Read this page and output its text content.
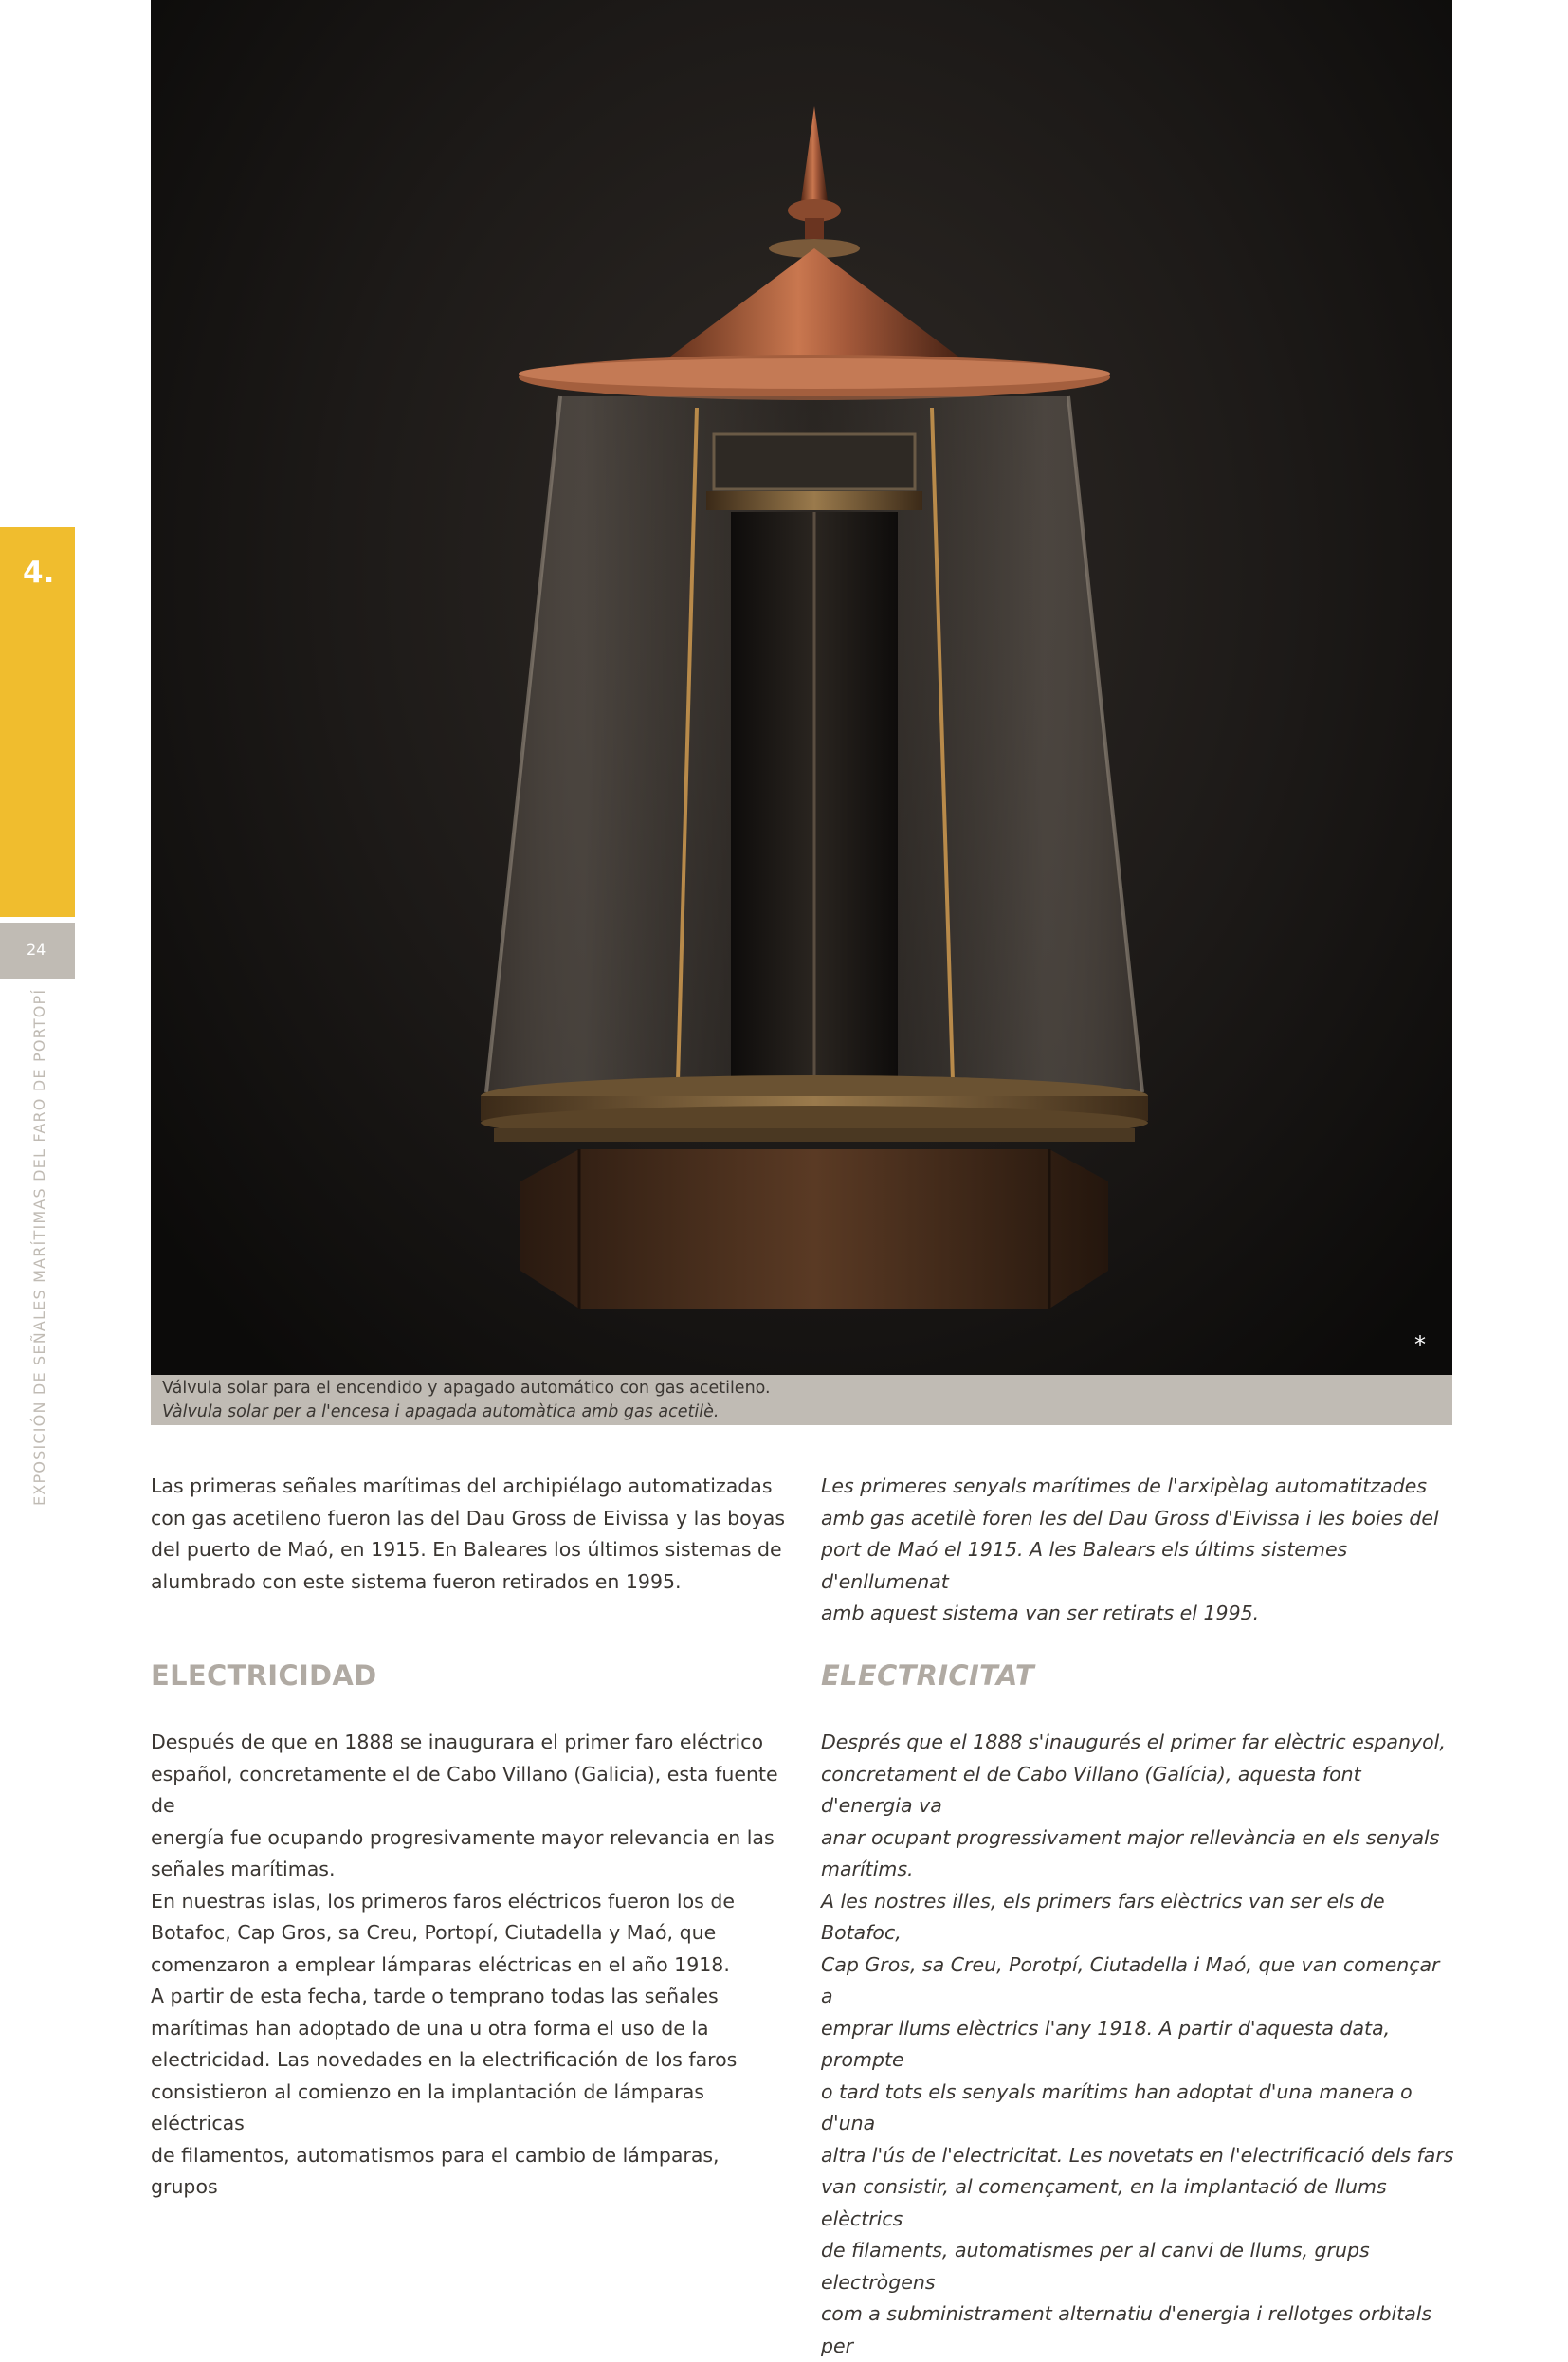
4.
24
EXPOSICIÓN DE SEÑALES MARÍTIMAS DEL FARO DE PORTOPÍ	*
Válvula solar para el encendido y apagado automático con gas acetileno.
Vàlvula solar per a l'encesa i apagada automàtica amb gas acetilè.

Las primeras señales marítimas del archipiélago automatizadas

con gas acetileno fueron las del Dau Gross de Eivissa y las boyas

del puerto de Maó, en 1915. En Baleares los últimos sistemas de

alumbrado con este sistema fueron retirados en 1995.

Les primeres senyals marítimes de l'arxipèlag automatitzades

amb gas acetilè foren les del Dau Gross d'Eivissa i les boies del

port de Maó el 1915. A les Balears els últims sistemes d'enllumenat

amb aquest sistema van ser retirats el 1995.

ELECTRICIDAD	ELECTRICITAT

Después de que en 1888 se inaugurara el primer faro eléctrico

español, concretamente el de Cabo Villano (Galicia), esta fuente de

energía fue ocupando progresivamente mayor relevancia en las

señales marítimas.

En nuestras islas, los primeros faros eléctricos fueron los de

Botafoc, Cap Gros, sa Creu, Portopí, Ciutadella y Maó, que

comenzaron a emplear lámparas eléctricas en el año 1918.

A partir de esta fecha, tarde o temprano todas las señales

marítimas han adoptado de una u otra forma el uso de la

electricidad. Las novedades en la electrificación de los faros

consistieron al comienzo en la implantación de lámparas eléctricas

de filamentos, automatismos para el cambio de lámparas, grupos

Després que el 1888 s'inaugurés el primer far elèctric espanyol,

concretament el de Cabo Villano (Galícia), aquesta font d'energia va

anar ocupant progressivament major rellevància en els senyals

marítims.

A les nostres illes, els primers fars elèctrics van ser els de Botafoc,

Cap Gros, sa Creu, Porotpí, Ciutadella i Maó, que van començar a

emprar llums elèctrics l'any 1918. A partir d'aquesta data, prompte

o tard tots els senyals marítims han adoptat d'una manera o d'una

altra l'ús de l'electricitat. Les novetats en l'electrificació dels fars

van consistir, al començament, en la implantació de llums elèctrics

de filaments, automatismes per al canvi de llums, grups electrògens

com a subministrament alternatiu d'energia i rellotges orbitals per
